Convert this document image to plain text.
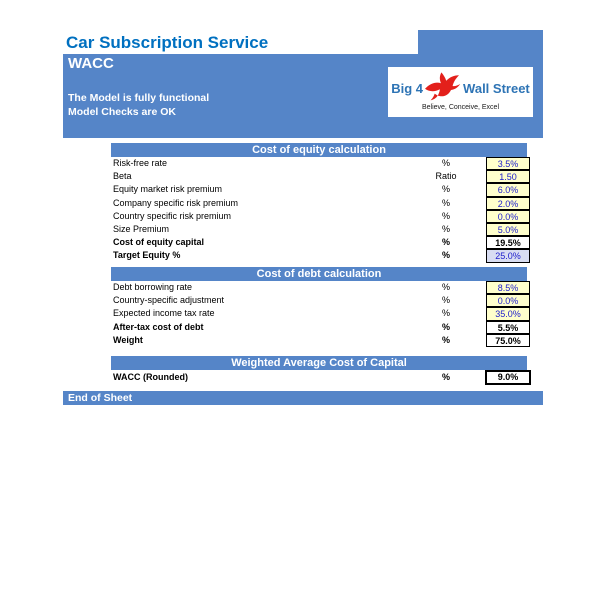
Car Subscription Service
WACC
The Model is fully functional
Model Checks are OK
Big 4	Wall Street
Believe, Conceive, Excel
Cost of equity calculation
Risk-free rate	%	3.5%
Beta	Ratio	1.50
Equity market risk premium	%	6.0%
Company specific risk premium	%	2.0%
Country specific risk premium	%	0.0%
Size Premium	%	5.0%
Cost of equity capital	%	19.5%
Target Equity %	%	25.0%
Cost of debt calculation
Debt borrowing rate	%	8.5%
Country-specific adjustment	%	0.0%
Expected income tax rate	%	35.0%
After-tax cost of debt	%	5.5%
Weight	%	75.0%
Weighted Average Cost of Capital
WACC (Rounded)	%	9.0%
End of Sheet
